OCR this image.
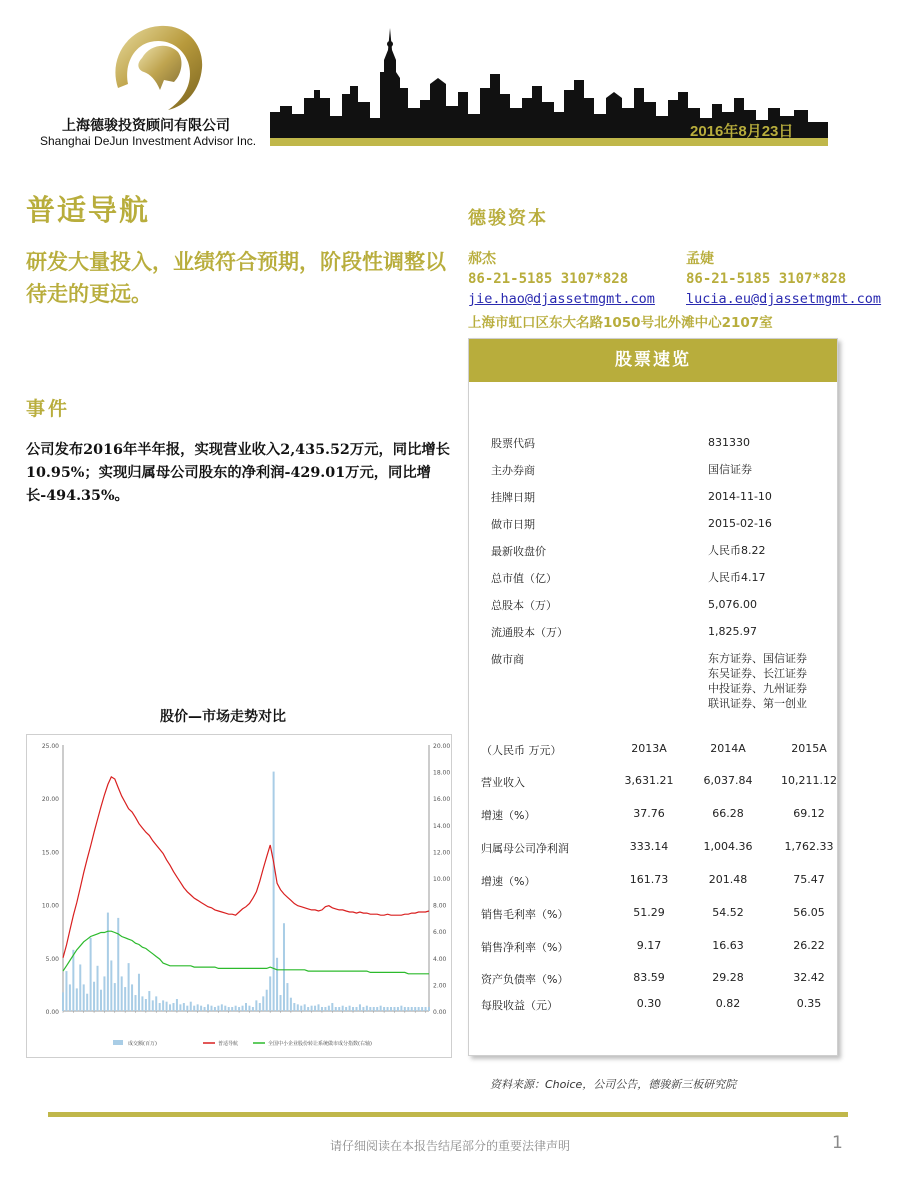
上海德骏投资顾问有限公司
Shanghai DeJun Investment Advisor Inc.
2016年8月23日
普适导航
研发大量投入，业绩符合预期，阶段性调整以待走的更远。
德骏资本
郝杰
86-21-5185 3107*828
jie.hao@djassetmgmt.com
孟婕
86-21-5185 3107*828
lucia.eu@djassetmgmt.com
上海市虹口区东大名路1050号北外滩中心2107室
事件
公司发布2016年半年报，实现营业收入2,435.52万元，同比增长10.95%；实现归属母公司股东的净利润-429.01万元，同比增长-494.35%。
股票速览
股票代码	831330
主办券商	国信证券
挂牌日期	2014-11-10
做市日期	2015-02-16
最新收盘价	人民币8.22
总市值（亿）	人民币4.17
总股本（万）	5,076.00
流通股本（万）	1,825.97
做市商	东方证券、国信证券
东吴证券、长江证券
中投证券、九州证券
联讯证券、第一创业
（人民币 万元）	2013A	2014A	2015A
营业收入	3,631.21	6,037.84	10,211.12
增速（%）	37.76	66.28	69.12
归属母公司净利润	333.14	1,004.36	1,762.33
增速（%）	161.73	201.48	75.47
销售毛利率（%）	51.29	54.52	56.05
销售净利率（%）	9.17	16.63	26.22
资产负债率（%）	83.59	29.28	32.42
每股收益（元）	0.30	0.82	0.35
资料来源：Choice，公司公告，德骏新三板研究院
股价—市场走势对比
0.00
5.00
10.00
15.00
20.00
25.00
0.00
2.00
4.00
6.00
8.00
10.00
12.00
14.00
16.00
18.00
20.00
成交额(百万)	普适导航	全国中小企业股份转让系统做市成分指数(右轴)
请仔细阅读在本报告结尾部分的重要法律声明	1
